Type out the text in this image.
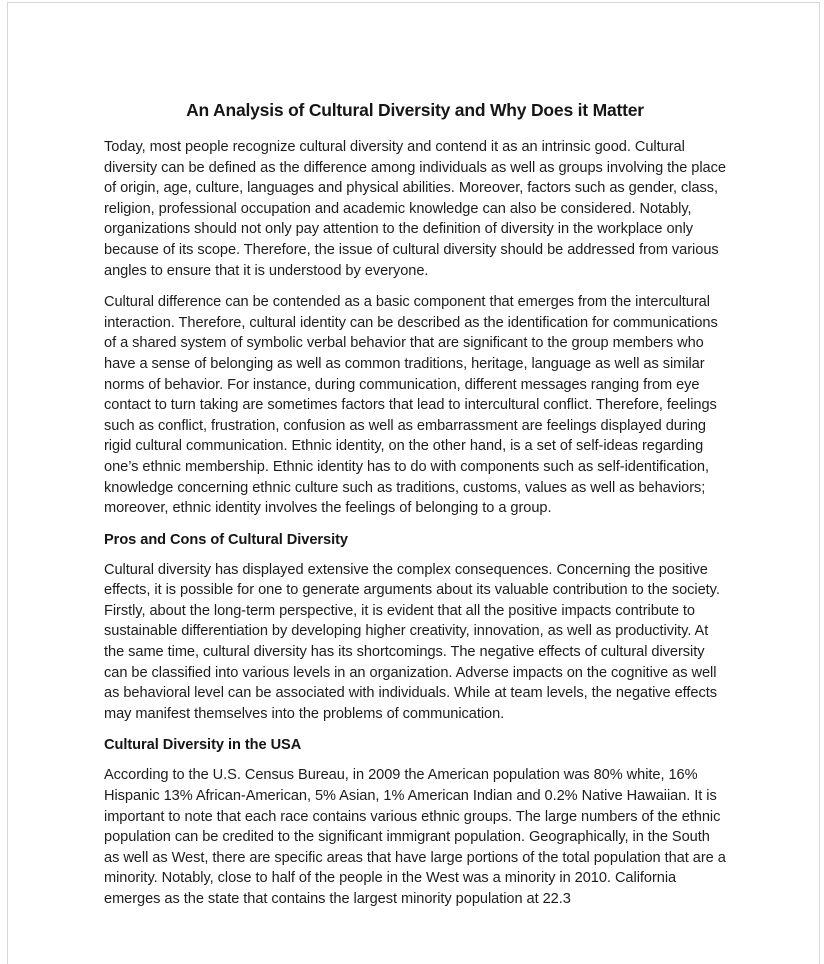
An Analysis of Cultural Diversity and Why Does it Matter

Today, most people recognize cultural diversity and contend it as an intrinsic good. Cultural diversity can be defined as the difference among individuals as well as groups involving the place of origin, age, culture, languages and physical abilities. Moreover, factors such as gender, class, religion, professional occupation and academic knowledge can also be considered. Notably, organizations should not only pay attention to the definition of diversity in the workplace only because of its scope. Therefore, the issue of cultural diversity should be addressed from various angles to ensure that it is understood by everyone.

Cultural difference can be contended as a basic component that emerges from the intercultural interaction. Therefore, cultural identity can be described as the identification for communications of a shared system of symbolic verbal behavior that are significant to the group members who have a sense of belonging as well as common traditions, heritage, language as well as similar norms of behavior. For instance, during communication, different messages ranging from eye contact to turn taking are sometimes factors that lead to intercultural conflict. Therefore, feelings such as conflict, frustration, confusion as well as embarrassment are feelings displayed during rigid cultural communication. Ethnic identity, on the other hand, is a set of self-ideas regarding one’s ethnic membership. Ethnic identity has to do with components such as self-identification, knowledge concerning ethnic culture such as traditions, customs, values as well as behaviors; moreover, ethnic identity involves the feelings of belonging to a group.

Pros and Cons of Cultural Diversity

Cultural diversity has displayed extensive the complex consequences. Concerning the positive effects, it is possible for one to generate arguments about its valuable contribution to the society. Firstly, about the long-term perspective, it is evident that all the positive impacts contribute to sustainable differentiation by developing higher creativity, innovation, as well as productivity. At the same time, cultural diversity has its shortcomings. The negative effects of cultural diversity can be classified into various levels in an organization. Adverse impacts on the cognitive as well as behavioral level can be associated with individuals. While at team levels, the negative effects may manifest themselves into the problems of communication.

Cultural Diversity in the USA

According to the U.S. Census Bureau, in 2009 the American population was 80% white, 16% Hispanic 13% African-American, 5% Asian, 1% American Indian and 0.2% Native Hawaiian. It is important to note that each race contains various ethnic groups. The large numbers of the ethnic population can be credited to the significant immigrant population. Geographically, in the South as well as West, there are specific areas that have large portions of the total population that are a minority. Notably, close to half of the people in the West was a minority in 2010. California emerges as the state that contains the largest minority population at 22.3
